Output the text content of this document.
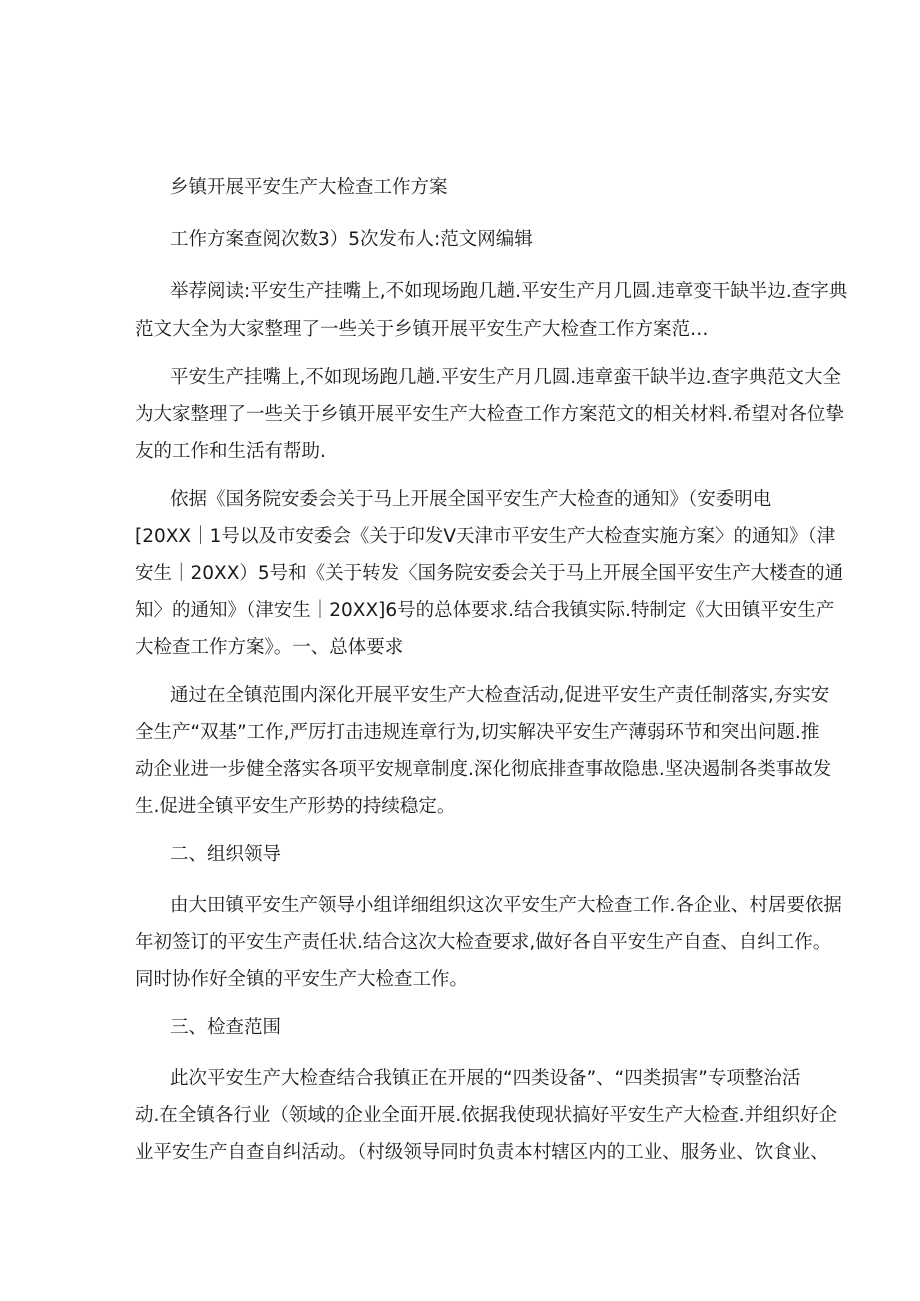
乡镇开展平安生产大检查工作方案
工作方案查阅次数3）5次发布人:范文网编辑
举荐阅读:平安生产挂嘴上,不如现场跑几趟.平安生产月几圆.违章变干缺半边.查字典
范文大全为大家整理了一些关于乡镇开展平安生产大检查工作方案范…
平安生产挂嘴上,不如现场跑几趟.平安生产月几圆.违章蛮干缺半边.查字典范文大全
为大家整理了一些关于乡镇开展平安生产大检查工作方案范文的相关材料.希望对各位挚
友的工作和生活有帮助.
依据《国务院安委会关于马上开展全国平安生产大检查的通知》（安委明电
[20XX｜1号以及市安委会《关于印发V天津市平安生产大检查实施方案〉的通知》（津
安生｜20XX）5号和《关于转发〈国务院安委会关于马上开展全国平安生产大楼查的通
知〉的通知》（津安生｜20XX]6号的总体要求.结合我镇实际.特制定《大田镇平安生产
大检查工作方案》。一、总体要求
通过在全镇范围内深化开展平安生产大检查活动,促进平安生产责任制落实,夯实安
全生产“双基”工作,严厉打击违规连章行为,切实解决平安生产薄弱环节和突出问题.推
动企业进一步健全落实各项平安规章制度.深化彻底排查事故隐患.坚决遏制各类事故发
生.促进全镇平安生产形势的持续稳定。
二、组织领导
由大田镇平安生产领导小组详细组织这次平安生产大检查工作.各企业、村居要依据
年初签订的平安生产责任状.结合这次大检查要求,做好各自平安生产自查、自纠工作。
同时协作好全镇的平安生产大检查工作。
三、检查范围
此次平安生产大检查结合我镇正在开展的“四类设备”、“四类损害”专项整治活
动.在全镇各行业（领域的企业全面开展.依据我使现状搞好平安生产大检查.并组织好企
业平安生产自查自纠活动。（村级领导同时负责本村辖区内的工业、服务业、饮食业、
